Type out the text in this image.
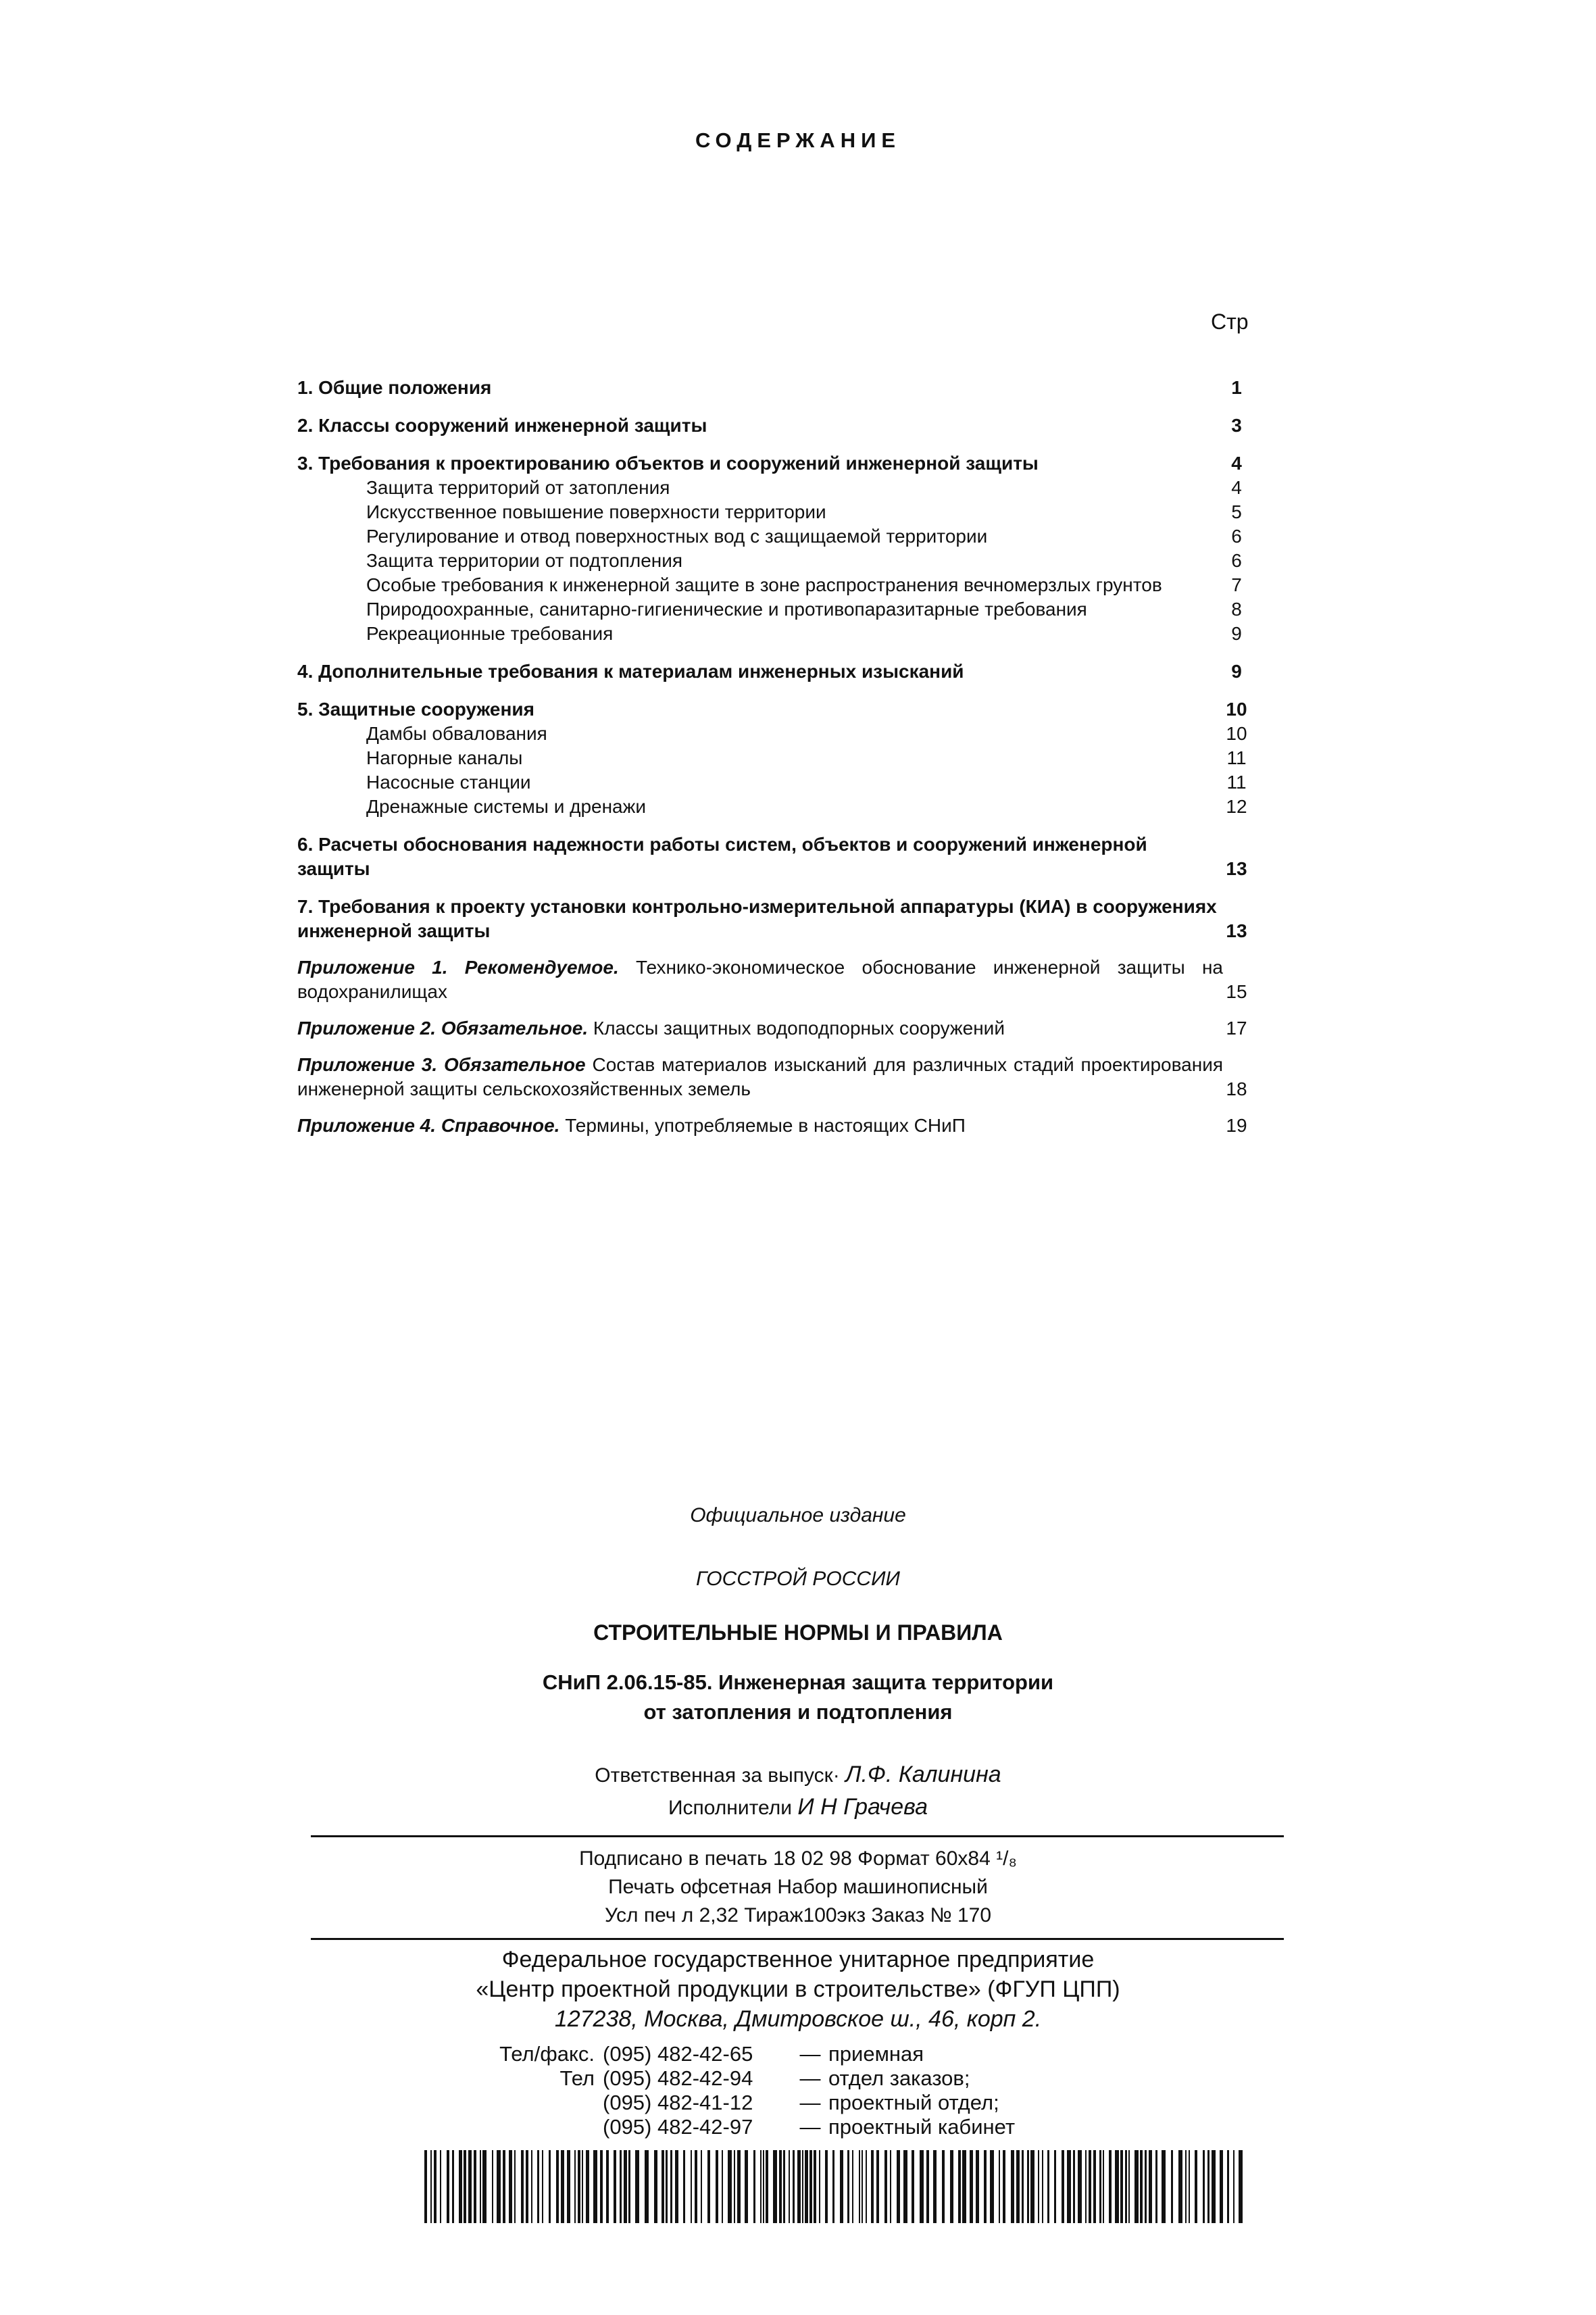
СОДЕРЖАНИЕ
Стр
1. Общие положения	1
2. Классы сооружений инженерной защиты	3
3. Требования к проектированию объектов и сооружений инженерной защиты	4
Защита территорий от затопления	4
Искусственное повышение поверхности территории	5
Регулирование и отвод поверхностных вод с защищаемой территории	6
Защита территории от подтопления	6
Особые требования к инженерной защите в зоне распространения вечномерзлых грунтов	7
Природоохранные, санитарно-гигиенические и противопаразитарные требования	8
Рекреационные требования	9
4. Дополнительные требования к материалам инженерных изысканий	9
5. Защитные сооружения	10
Дамбы обвалования	10
Нагорные каналы	11
Насосные станции	11
Дренажные системы и дренажи	12
6. Расчеты обоснования надежности работы систем, объектов и сооружений инженерной защиты	13
7. Требования к проекту установки контрольно-измерительной аппаратуры (КИА) в сооружениях инженерной защиты	13
Приложение 1. Рекомендуемое. Технико-экономическое обоснование инженерной защиты на водохранилищах	15
Приложение 2. Обязательное. Классы защитных водоподпорных сооружений	17
Приложение 3. Обязательное Состав материалов изысканий для различных стадий проектирования инженерной защиты сельскохозяйственных земель	18
Приложение 4. Справочное. Термины, употребляемые в настоящих СНиП	19
Официальное издание
ГОССТРОЙ РОССИИ
СТРОИТЕЛЬНЫЕ НОРМЫ И ПРАВИЛА
СНиП 2.06.15-85. Инженерная защита территории
от затопления и подтопления
Ответственная за выпуск· Л.Ф. Калинина
Исполнители И Н Грачева
Подписано в печать 18 02 98 Формат 60х84 ¹/₈
Печать офсетная Набор машинописный
Усл печ л 2,32 Тираж100экз Заказ № 170
Федеральное государственное унитарное предприятие
«Центр проектной продукции в строительстве» (ФГУП ЦПП)
127238, Москва, Дмитровское ш., 46, корп 2.
Тел/факс. (095) 482-42-65	— приемная
Тел (095) 482-42-94	— отдел заказов;
(095) 482-41-12	— проектный отдел;
(095) 482-42-97	— проектный кабинет
